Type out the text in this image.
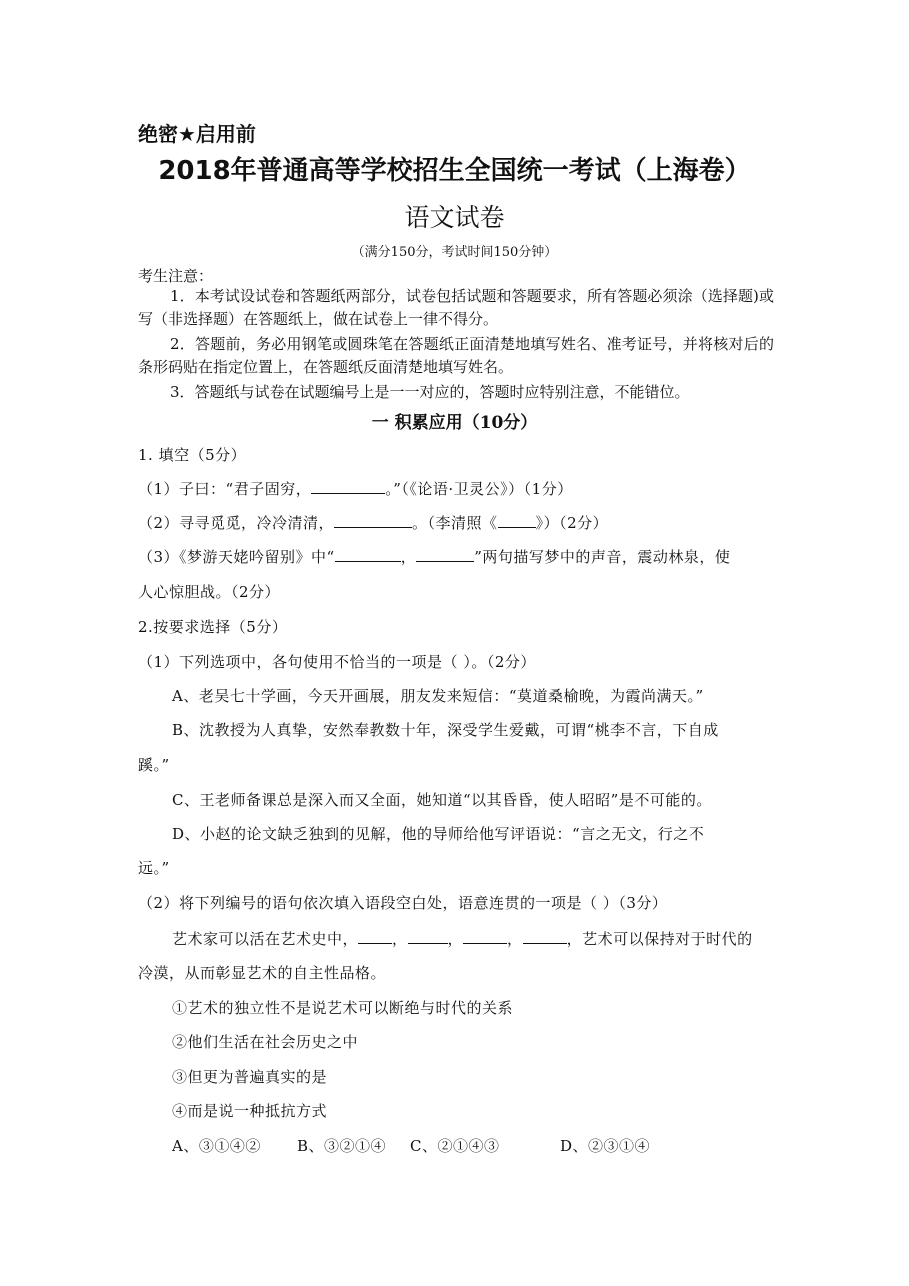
绝密★启用前
2018年普通高等学校招生全国统一考试（上海卷）
语文试卷
（满分150分，考试时间150分钟）
考生注意：
1．本考试设试卷和答题纸两部分，试卷包括试题和答题要求，所有答题必须涂（选择题)或写（非选择题）在答题纸上，做在试卷上一律不得分。
2．答题前，务必用钢笔或圆珠笔在答题纸正面清楚地填写姓名、准考证号，并将核对后的条形码贴在指定位置上，在答题纸反面清楚地填写姓名。
3．答题纸与试卷在试题编号上是一一对应的，答题时应特别注意，不能错位。
一 积累应用（10分）
1. 填空（5分）
（1）子曰：“君子固穷，	。”（《论语·卫灵公》）（1分）
（2）寻寻觅觅，冷冷清清，	。（李清照《	》）（2分）
（3）《梦游天姥吟留别》中“	，	”两句描写梦中的声音，震动林泉，使
人心惊胆战。（2分）
2.按要求选择（5分）
（1）下列选项中，各句使用不恰当的一项是（ ）。（2分）
A、老吴七十学画，今天开画展，朋友发来短信：“莫道桑榆晚，为霞尚满天。”
B、沈教授为人真挚，安然奉教数十年，深受学生爱戴，可谓“桃李不言，下自成
蹊。”
C、王老师备课总是深入而又全面，她知道“以其昏昏，使人昭昭”是不可能的。
D、小赵的论文缺乏独到的见解，他的导师给他写评语说：“言之无文，行之不
远。”
（2）将下列编号的语句依次填入语段空白处，语意连贯的一项是（ ）（3分）
艺术家可以活在艺术史中， ，	，	，	，艺术可以保持对于时代的
冷漠，从而彰显艺术的自主性品格。
①艺术的独立性不是说艺术可以断绝与时代的关系
②他们生活在社会历史之中
③但更为普遍真实的是
④而是说一种抵抗方式
A、③①④② B、③②①④ C、②①④③	D、②③①④
